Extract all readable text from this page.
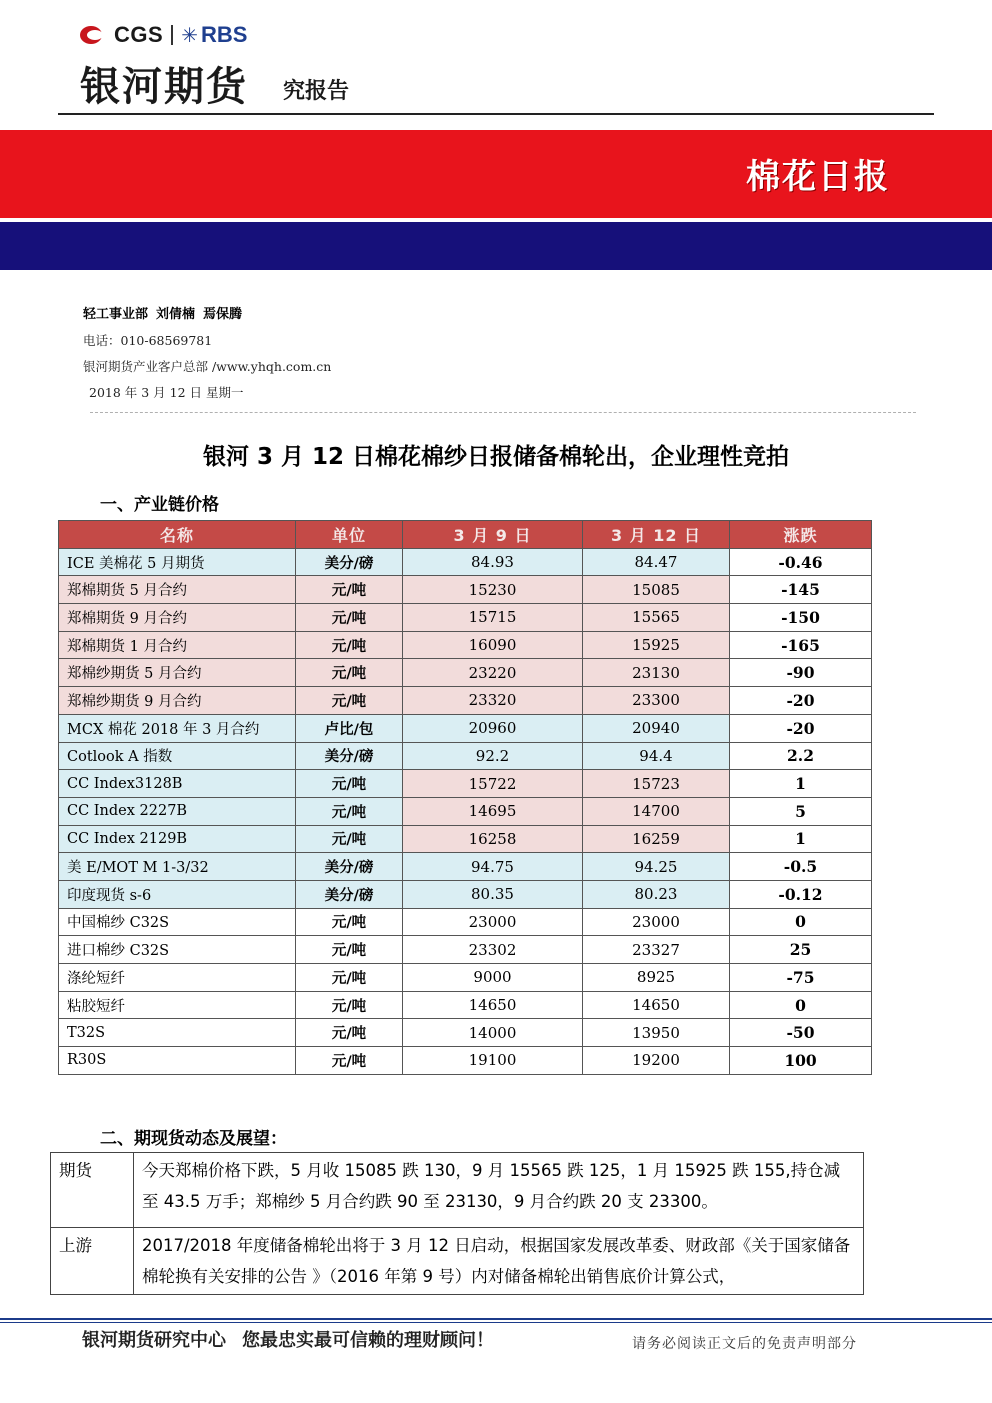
CGS ✳ RBS
银河期货 究报告
棉花日报
轻工事业部 刘倩楠 焉保腾
电话：010-68569781
银河期货产业客户总部 /www.yhqh.com.cn
2018 年 3 月 12 日 星期一
银河 3 月 12 日棉花棉纱日报储备棉轮出，企业理性竞拍
一、产业链价格
名称	单位	3 月 9 日	3 月 12 日	涨跌
ICE 美棉花 5 月期货	美分/磅	84.93	84.47	-0.46
郑棉期货 5 月合约	元/吨	15230	15085	-145
郑棉期货 9 月合约	元/吨	15715	15565	-150
郑棉期货 1 月合约	元/吨	16090	15925	-165
郑棉纱期货 5 月合约	元/吨	23220	23130	-90
郑棉纱期货 9 月合约	元/吨	23320	23300	-20
MCX 棉花 2018 年 3 月合约	卢比/包	20960	20940	-20
Cotlook A 指数	美分/磅	92.2	94.4	2.2
CC Index3128B	元/吨	15722	15723	1
CC Index 2227B	元/吨	14695	14700	5
CC Index 2129B	元/吨	16258	16259	1
美 E/MOT M 1-3/32	美分/磅	94.75	94.25	-0.5
印度现货 s-6	美分/磅	80.35	80.23	-0.12
中国棉纱 C32S	元/吨	23000	23000	0
进口棉纱 C32S	元/吨	23302	23327	25
涤纶短纤	元/吨	9000	8925	-75
粘胶短纤	元/吨	14650	14650	0
T32S	元/吨	14000	13950	-50
R30S	元/吨	19100	19200	100
二、期现货动态及展望：
期货	今天郑棉价格下跌，5 月收 15085 跌 130，9 月 15565 跌 125，1 月 15925 跌 155,持仓减至 43.5 万手；郑棉纱 5 月合约跌 90 至 23130，9 月合约跌 20 支 23300。
上游	2017/2018 年度储备棉轮出将于 3 月 12 日启动，根据国家发展改革委、财政部《关于国家储备棉轮换有关安排的公告 》（2016 年第 9 号）内对储备棉轮出销售底价计算公式，
银河期货研究中心 您最忠实最可信赖的理财顾问！	请务必阅读正文后的免责声明部分
